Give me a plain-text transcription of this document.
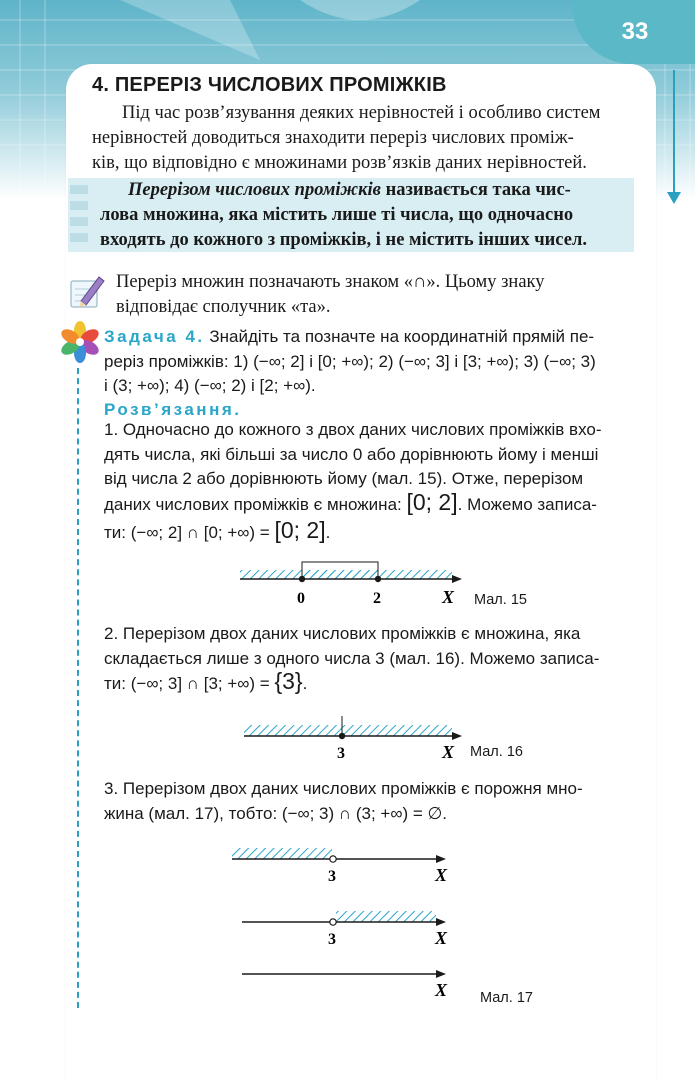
33
4. ПЕРЕРІЗ ЧИСЛОВИХ ПРОМІЖКІВ
Під час розв’язування деяких нерівностей і особливо систем
нерівностей доводиться знаходити переріз числових промiж-
ків, що відповідно є множинами розв’язків даних нерівностей.
Перерізом числових проміжків називається така чис-
лова множина, яка містить лише ті числа, що одночасно
входять до кожного з проміжків, і не містить інших чисел.
Переріз множин позначають знаком «∩». Цьому знаку
відповідає сполучник «та».
Задача 4. Знайдіть та позначте на координатній прямій пе-
реріз проміжків: 1) (−∞; 2] і [0; +∞); 2) (−∞; 3] і [3; +∞); 3) (−∞; 3)
і (3; +∞); 4) (−∞; 2) і [2; +∞).
Розв’язання.
1. Одночасно до кожного з двох даних числових проміжків вхо-
дять числа, які більші за число 0 або дорівнюють йому і менші
від числа 2 або дорівнюють йому (мал. 15). Отже, перерізом
даних числових проміжків є множина: [0; 2]. Можемо записа-
ти: (−∞; 2] ∩ [0; +∞) = [0; 2].
0	2	X Мал. 15
2. Перерізом двох даних числових проміжків є множина, яка
складається лише з одного числа 3 (мал. 16). Можемо записа-
ти: (−∞; 3] ∩ [3; +∞) = {3}.
3	X Мал. 16
3. Перерізом двох даних числових проміжків є порожня мно-
жина (мал. 17), тобто: (−∞; 3) ∩ (3; +∞) = ∅.
3	X
3	X
X Мал. 17
